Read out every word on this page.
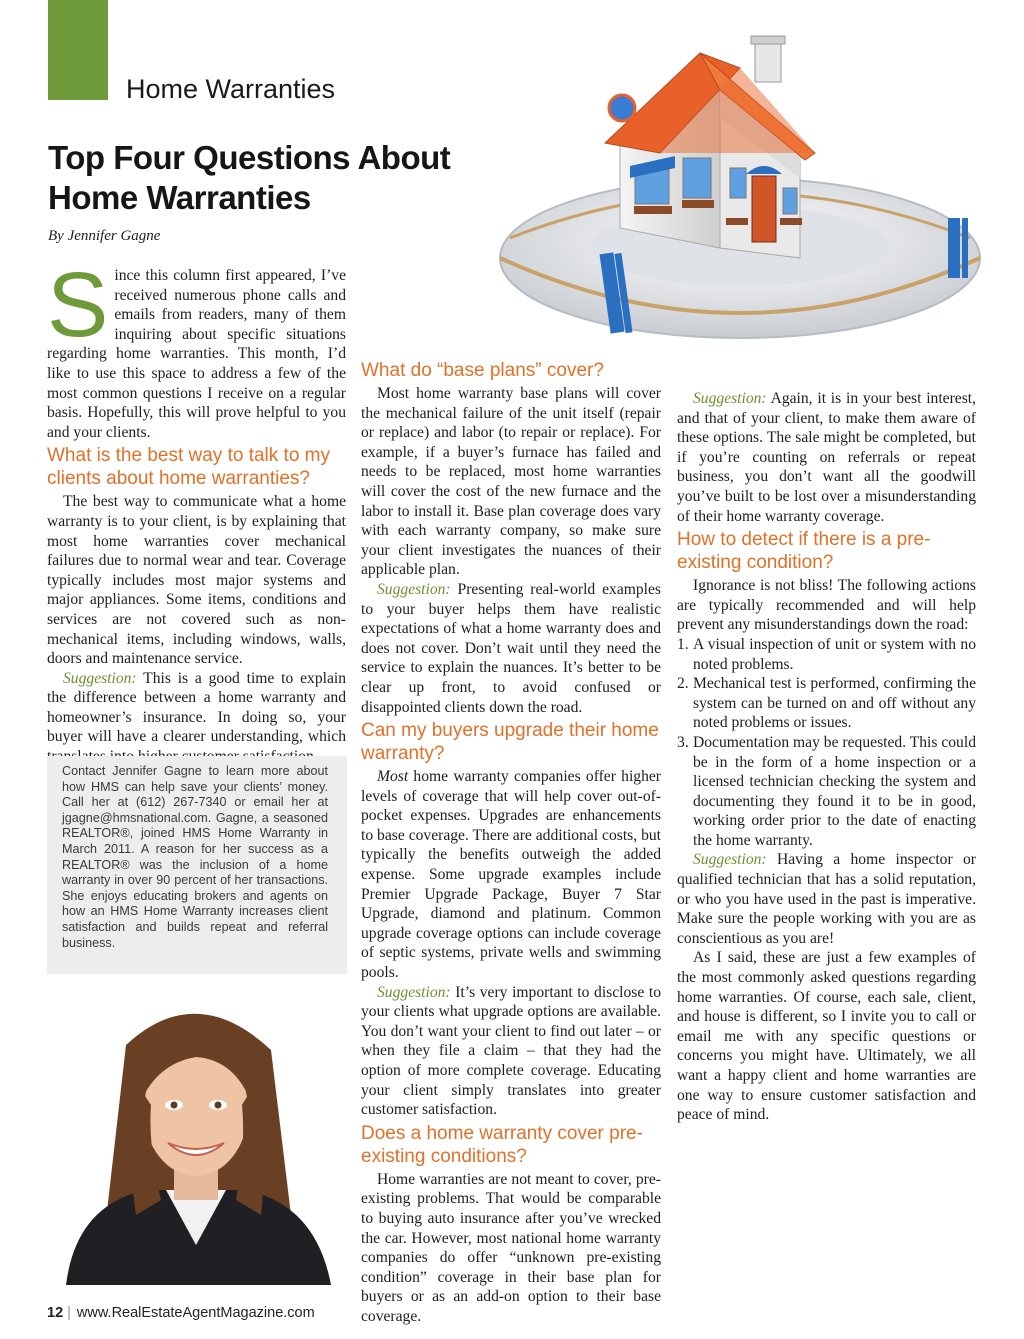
Home Warranties
Top Four Questions About Home Warranties
By Jennifer Gagne
S ince this column first appeared, I’ve received numerous phone calls and emails from readers, many of them inquiring about specific situations regarding home warranties. This month, I’d like to use this space to address a few of the most common questions I receive on a regular basis. Hopefully, this will prove helpful to you and your clients.

What is the best way to talk to my clients about home warranties?

The best way to communicate what a home warranty is to your client, is by explaining that most home warranties cover mechanical failures due to normal wear and tear. Coverage typically includes most major systems and major appliances. Some items, conditions and services are not covered such as non-mechanical items, including windows, walls, doors and maintenance service.

Suggestion: This is a good time to explain the difference between a home warranty and homeowner’s insurance. In doing so, your buyer will have a clearer understanding, which

What do “base plans” cover?

Most home warranty base plans will cover the mechanical failure of the unit itself (repair or replace) and labor (to repair or replace). For example, if a buyer’s furnace has failed and needs to be replaced, most home warranties will cover the cost of the new furnace and the labor to install it. Base plan coverage does vary with each warranty company, so make sure your client investigates the nuances of their applicable plan.

Suggestion: Presenting real-world examples to your buyer helps them have realistic expectations of what a home warranty does and does not cover. Don’t wait until they need the service to explain the nuances. It’s better to be clear up front, to avoid confused or disappointed clients down the road.

Can my buyers upgrade their home warranty?

Most home warranty companies offer higher levels of coverage that will help cover out-of-pocket expenses. Upgrades are enhancements to base coverage. There are additional costs, but typically the benefits outweigh the added expense. Some upgrade examples include Premier Upgrade Package, Buyer 7 Star Upgrade, diamond and platinum. Common upgrade coverage options can include coverage of septic systems, private wells and swimming pools.

Suggestion: It’s very important to disclose to your clients what upgrade options are available. You don’t want your client to find out later – or when they file a claim – that they had the option of more complete coverage. Educating your client simply translates into greater customer satisfaction.

Does a home warranty cover pre-existing conditions?

Home warranties are not meant to cover, pre-existing problems. That would be comparable to buying auto insurance after you’ve wrecked the car. However, most national home warranty companies do offer “unknown pre-existing condition” coverage in their base plan for buyers or as an add-on option to their base coverage.

Suggestion: Again, it is in your best interest, and that of your client, to make them aware of these options. The sale might be completed, but if you’re counting on referrals or repeat business, you don’t want all the goodwill you’ve built to be lost over a misunderstanding of their home warranty coverage.

How to detect if there is a pre-existing condition?

Ignorance is not bliss! The following actions are typically recommended and will help prevent any misunderstandings down the road:

1. A visual inspection of unit or system with no noted problems.
2. Mechanical test is performed, confirming the system can be turned on and off without any noted problems or issues.
3. Documentation may be requested. This could be in the form of a home inspection or a licensed technician checking the system and documenting they found it to be in good, working order prior to the date of enacting the home warranty.

Suggestion: Having a home inspector or qualified technician that has a solid reputation, or who you have used in the past is imperative. Make sure the people working with you are as conscientious as you are!

As I said, these are just a few examples of the most commonly asked questions regarding home warranties. Of course, each sale, client, and house is different, so I invite you to call or email me with any specific questions or concerns you might have. Ultimately, we all want a happy client and home warranties are one way to ensure customer satisfaction and peace of mind.

Contact Jennifer Gagne to learn more about how HMS can help save your clients’ money. Call her at (612) 267-7340 or email her at jgagne@hmsnational.com. Gagne, a seasoned REALTOR®, joined HMS Home Warranty in March 2011. A reason for her success as a REALTOR® was the inclusion of a home warranty in over 90 percent of her transactions. She enjoys educating brokers and agents on how an HMS Home Warranty increases client satisfaction and builds repeat and referral business.

12 | www.RealEstateAgentMagazine.com
